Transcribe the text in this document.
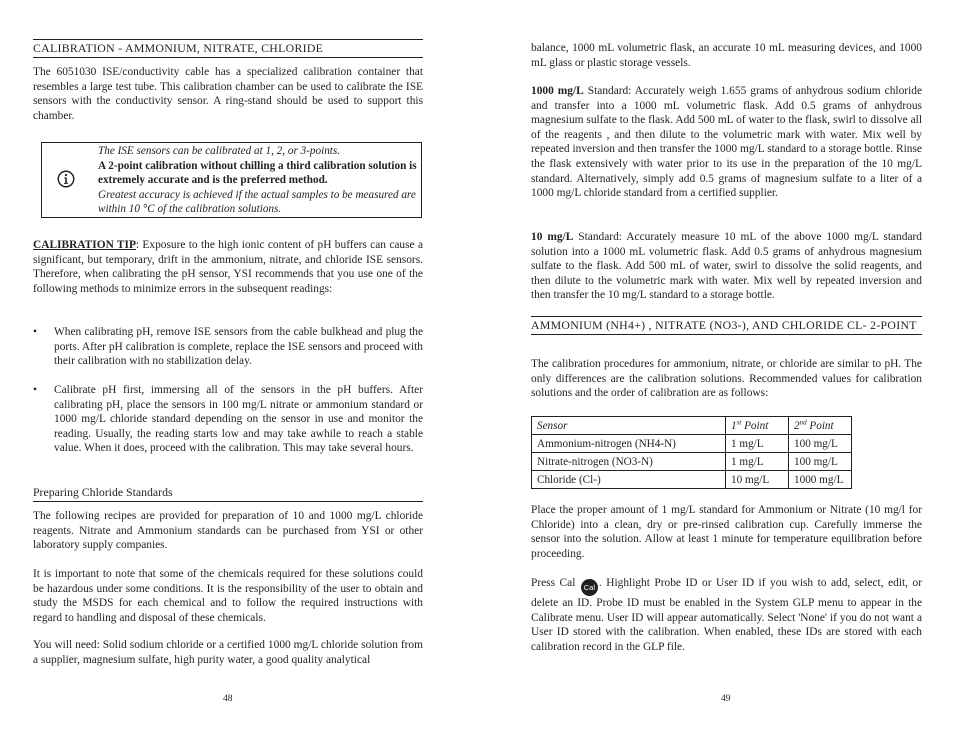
CALIBRATION - AMMONIUM, NITRATE, CHLORIDE

The 6051030 ISE/conductivity cable has a specialized calibration container that resembles a large test tube. This calibration chamber can be used to calibrate the ISE sensors with the conductivity sensor. A ring-stand should be used to support this chamber.

The ISE sensors can be calibrated at 1, 2, or 3-points.
A 2-point calibration without chilling a third calibration solution is extremely accurate and is the preferred method.
Greatest accuracy is achieved if the actual samples to be measured are within 10 °C of the calibration solutions.

CALIBRATION TIP: Exposure to the high ionic content of pH buffers can cause a significant, but temporary, drift in the ammonium, nitrate, and chloride ISE sensors. Therefore, when calibrating the pH sensor, YSI recommends that you use one of the following methods to minimize errors in the subsequent readings:

• When calibrating pH, remove ISE sensors from the cable bulkhead and plug the ports. After pH calibration is complete, replace the ISE sensors and proceed with their calibration with no stabilization delay.

• Calibrate pH first, immersing all of the sensors in the pH buffers. After calibrating pH, place the sensors in 100 mg/L nitrate or ammonium standard or 1000 mg/L chloride standard depending on the sensor in use and monitor the reading. Usually, the reading starts low and may take awhile to reach a stable value. When it does, proceed with the calibration. This may take several hours.

Preparing Chloride Standards

The following recipes are provided for preparation of 10 and 1000 mg/L chloride reagents. Nitrate and Ammonium standards can be purchased from YSI or other laboratory supply companies.

It is important to note that some of the chemicals required for these solutions could be hazardous under some conditions. It is the responsibility of the user to obtain and study the MSDS for each chemical and to follow the required instructions with regard to handling and disposal of these chemicals.

You will need: Solid sodium chloride or a certified 1000 mg/L chloride solution from a supplier, magnesium sulfate, high purity water, a good quality analytical

48

balance, 1000 mL volumetric flask, an accurate 10 mL measuring devices, and 1000 mL glass or plastic storage vessels.

1000 mg/L Standard: Accurately weigh 1.655 grams of anhydrous sodium chloride and transfer into a 1000 mL volumetric flask. Add 0.5 grams of anhydrous magnesium sulfate to the flask. Add 500 mL of water to the flask, swirl to dissolve all of the reagents , and then dilute to the volumetric mark with water. Mix well by repeated inversion and then transfer the 1000 mg/L standard to a storage bottle. Rinse the flask extensively with water prior to its use in the preparation of the 10 mg/L standard. Alternatively, simply add 0.5 grams of magnesium sulfate to a liter of a 1000 mg/L chloride standard from a certified supplier.

10 mg/L Standard: Accurately measure 10 mL of the above 1000 mg/L standard solution into a 1000 mL volumetric flask. Add 0.5 grams of anhydrous magnesium sulfate to the flask. Add 500 mL of water, swirl to dissolve the solid reagents, and then dilute to the volumetric mark with water. Mix well by repeated inversion and then transfer the 10 mg/L standard to a storage bottle.

AMMONIUM (NH4+) , NITRATE (NO3-), AND CHLORIDE CL- 2-POINT

The calibration procedures for ammonium, nitrate, or chloride are similar to pH. The only differences are the calibration solutions. Recommended values for calibration solutions and the order of calibration are as follows:

Sensor	1st Point	2nd Point
Ammonium-nitrogen (NH4-N)	1 mg/L	100 mg/L
Nitrate-nitrogen (NO3-N)	1 mg/L	100 mg/L
Chloride (Cl-)	10 mg/L	1000 mg/L

Place the proper amount of 1 mg/L standard for Ammonium or Nitrate (10 mg/l for Chloride) into a clean, dry or pre-rinsed calibration cup. Carefully immerse the sensor into the solution. Allow at least 1 minute for temperature equilibration before proceeding.

Press Cal Cal . Highlight Probe ID or User ID if you wish to add, select, edit, or delete an ID. Probe ID must be enabled in the System GLP menu to appear in the Calibrate menu. User ID will appear automatically. Select 'None' if you do not want a User ID stored with the calibration. When enabled, these IDs are stored with each calibration record in the GLP file.

49
